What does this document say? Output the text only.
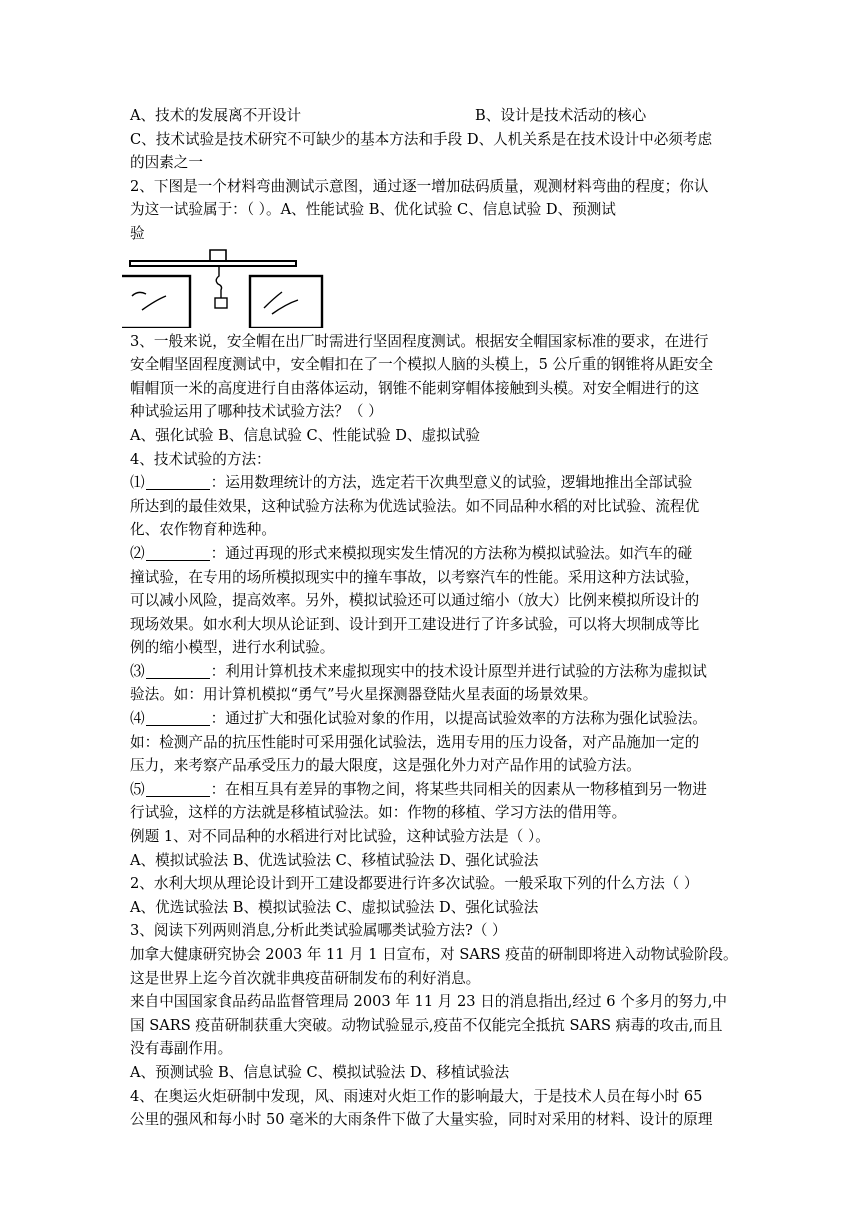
A、技术的发展离不开设计	B、设计是技术活动的核心
C、技术试验是技术研究不可缺少的基本方法和手段 D、人机关系是在技术设计中必须考虑
的因素之一
2、下图是一个材料弯曲测试示意图，通过逐一增加砝码质量，观测材料弯曲的程度；你认
为这一试验属于：（ ）。A、性能试验 B、优化试验 C、信息试验 D、预测试
验
3、一般来说，安全帽在出厂时需进行坚固程度测试。根据安全帽国家标准的要求，在进行
安全帽坚固程度测试中，安全帽扣在了一个模拟人脑的头模上，5 公斤重的钢锥将从距安全
帽帽顶一米的高度进行自由落体运动，钢锥不能刺穿帽体接触到头模。对安全帽进行的这
种试验运用了哪种技术试验方法？（ ）
A、强化试验 B、信息试验 C、性能试验 D、虚拟试验
4、技术试验的方法：
⑴	：运用数理统计的方法，选定若干次典型意义的试验，逻辑地推出全部试验
所达到的最佳效果，这种试验方法称为优选试验法。如不同品种水稻的对比试验、流程优
化、农作物育种选种。
⑵	：通过再现的形式来模拟现实发生情况的方法称为模拟试验法。如汽车的碰
撞试验，在专用的场所模拟现实中的撞车事故，以考察汽车的性能。采用这种方法试验，
可以减小风险，提高效率。另外，模拟试验还可以通过缩小（放大）比例来模拟所设计的
现场效果。如水利大坝从论证到、设计到开工建设进行了许多试验，可以将大坝制成等比
例的缩小模型，进行水利试验。
⑶	：利用计算机技术来虚拟现实中的技术设计原型并进行试验的方法称为虚拟试
验法。如：用计算机模拟“勇气”号火星探测器登陆火星表面的场景效果。
⑷	：通过扩大和强化试验对象的作用，以提高试验效率的方法称为强化试验法。
如：检测产品的抗压性能时可采用强化试验法，选用专用的压力设备，对产品施加一定的
压力，来考察产品承受压力的最大限度，这是强化外力对产品作用的试验方法。
⑸	：在相互具有差异的事物之间，将某些共同相关的因素从一物移植到另一物进
行试验，这样的方法就是移植试验法。如：作物的移植、学习方法的借用等。
例题 1、对不同品种的水稻进行对比试验，这种试验方法是（ ）。
A、模拟试验法 B、优选试验法 C、移植试验法 D、强化试验法
2、水利大坝从理论设计到开工建设都要进行许多次试验。一般采取下列的什么方法（ ）
A、优选试验法 B、模拟试验法 C、虚拟试验法 D、强化试验法
3、阅读下列两则消息,分析此类试验属哪类试验方法?（ ）
加拿大健康研究协会 2003 年 11 月 1 日宣布，对 SARS 疫苗的研制即将进入动物试验阶段。
这是世界上迄今首次就非典疫苗研制发布的利好消息。
来自中国国家食品药品监督管理局 2003 年 11 月 23 日的消息指出,经过 6 个多月的努力,中
国 SARS 疫苗研制获重大突破。动物试验显示,疫苗不仅能完全抵抗 SARS 病毒的攻击,而且
没有毒副作用。
A、预测试验 B、信息试验 C、模拟试验法 D、移植试验法
4、在奥运火炬研制中发现，风、雨速对火炬工作的影响最大，于是技术人员在每小时 65
公里的强风和每小时 50 毫米的大雨条件下做了大量实验，同时对采用的材料、设计的原理
